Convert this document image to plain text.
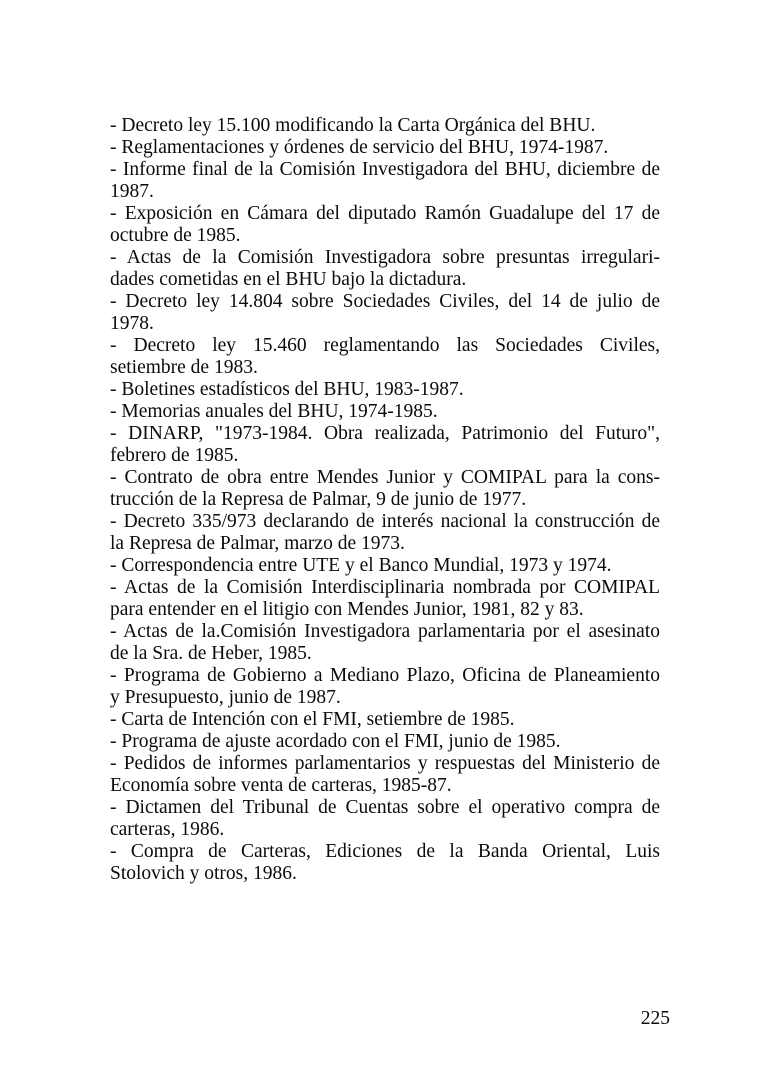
- Decreto ley 15.100 modificando la Carta Orgánica del BHU.

- Reglamentaciones y órdenes de servicio del BHU, 1974-1987.

- Informe final de la Comisión Investigadora del BHU, diciembre de
1987.

- Exposición en Cámara del diputado Ramón Guadalupe del 17 de
octubre de 1985.

- Actas de la Comisión Investigadora sobre presuntas irregulari-
dades cometidas en el BHU bajo la dictadura.

- Decreto ley 14.804 sobre Sociedades Civiles, del 14 de julio de
1978.

- Decreto ley 15.460 reglamentando las Sociedades Civiles,
setiembre de 1983.

- Boletines estadísticos del BHU, 1983-1987.

- Memorias anuales del BHU, 1974-1985.

- DINARP, "1973-1984. Obra realizada, Patrimonio del Futuro",
febrero de 1985.

- Contrato de obra entre Mendes Junior y COMIPAL para la cons-
trucción de la Represa de Palmar, 9 de junio de 1977.

- Decreto 335/973 declarando de interés nacional la construcción de
la Represa de Palmar, marzo de 1973.

- Correspondencia entre UTE y el Banco Mundial, 1973 y 1974.

- Actas de la Comisión Interdisciplinaria nombrada por COMIPAL
para entender en el litigio con Mendes Junior, 1981, 82 y 83.

- Actas de la.Comisión Investigadora parlamentaria por el asesinato
de la Sra. de Heber, 1985.

- Programa de Gobierno a Mediano Plazo, Oficina de Planeamiento
y Presupuesto, junio de 1987.

- Carta de Intención con el FMI, setiembre de 1985.

- Programa de ajuste acordado con el FMI, junio de 1985.

- Pedidos de informes parlamentarios y respuestas del Ministerio de
Economía sobre venta de carteras, 1985-87.

- Dictamen del Tribunal de Cuentas sobre el operativo compra de
carteras, 1986.

- Compra de Carteras, Ediciones de la Banda Oriental, Luis
Stolovich y otros, 1986.

225
